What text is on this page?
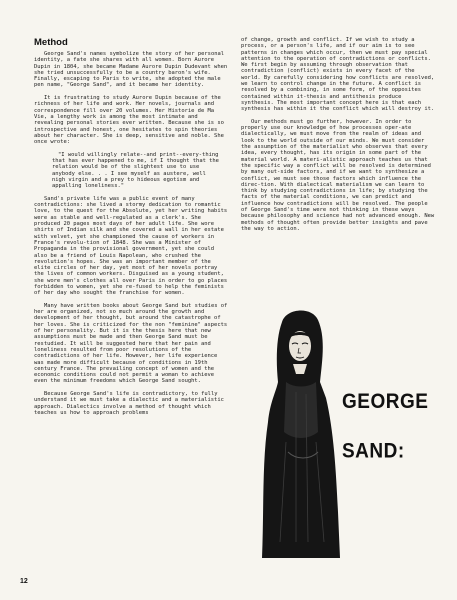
Method

George Sand's names symbolize the story of her personal identity, a fate she shares with all women. Born Aurore Dupin in 1804, she became Madame Aurore Dupin Dudevant when she tried unsuccessfully to be a country baron's wife. Finally, escaping to Paris to write, she adopted the male pen name, "George Sand", and it became her identity.

It is frustrating to study Aurore Dupin because of the richness of her life and work. Her novels, journals and correspondence fill over 20 volumes. Her Historie de Ma Vie, a lengthy work is among the most intimate and revealing personal stories ever written. Because she is so introspective and honest, one hesitates to spin theories about her character. She is deep, sensitive and noble. She once wrote:

"I would willingly relate--and print--every-thing that has ever happened to me, if I thought that the relation would be of the slightest use to use anybody else. . . I see myself as austere, well nigh virgin and a prey to hideous egotism and appalling loneliness."

Sand's private life was a public event of many contradictions: she lived a stormy dedication to romantic love, to the quest for the Absolute, yet her writing habits were as stable and well-regulated as a clerk's. She produced 20 pages most days of her adult life. She wore shirts of Indian silk and she covered a wall in her estate with velvet, yet she championed the cause of workers in France's revolu-tion of 1848. She was a Minister of Propaganda in the provisional government, yet she could also be a friend of Louis Napolean, who crushed the revolution's hopes. She was an important member of the elite circles of her day, yet most of her novels portray the lives of common workers. Disguised as a young student, she wore men's clothes all over Paris in order to go places forbidden to women, yet she re-fused to help the feminists of her day who sought the franchise for women.

Many have written books about George Sand but studies of her are organized, not so much around the growth and development of her thought, but around the catastrophe of her loves. She is criticized for the non "feminine" aspects of her personality. But it is the thesis here that new assumptions must be made and then George Sand must be restudied. It will be suggested here that her pain and loneliness resulted from poor resolutions of the contradictions of her life. However, her life experience was made more difficult because of conditions in 19th century France. The prevailing concept of women and the economic conditions could not permit a woman to achieve even the minimum freedoms which George Sand sought.

Because George Sand's life is contradictory, to fully understand it we must take a dialectic and a materialistic approach. Dialectics involve a method of thought which teaches us how to approach problems

of change, growth and conflict. If we wish to study a process, or a person's life, and if our aim is to see patterns in changes which occur, then we must pay special attention to the operation of contradictions or conflicts. We first begin by assuming through observation that contradiction (conflict) exists in every facet of the world. By carefully considering how conflicts are resolved, we learn to control change in the future. A conflict is resolved by a combining, in some form, of the opposites contained within it-thesis and antithesis produce synthesis. The most important concept here is that each synthesis has within it the conflict which will destroy it.

Our methods must go further, however. In order to properly use our knowledge of how processes oper-ate dialectically, we must move from the realm of ideas and look to the world outside of our minds. We must consider the assumption of the materialist who observes that every idea, every thought, has its origin in some part of the material world. A materi-alistic approach teaches us that the specific way a conflict will be resolved is determined by many out-side factors, and if we want to synthesize a conflict, we must see those factors which influence the direc-tion. With dialectical materialism we can learn to think by studying contradictions in life; by studying the facts of the material conditions, we can predict and influence how contradictions will be resolved. The people of George Sand's time were not thinking in these ways because philosophy and science had not advanced enough. New methods of thought often provide better insights and pave the way to action.

GEORGE
SAND:
12
